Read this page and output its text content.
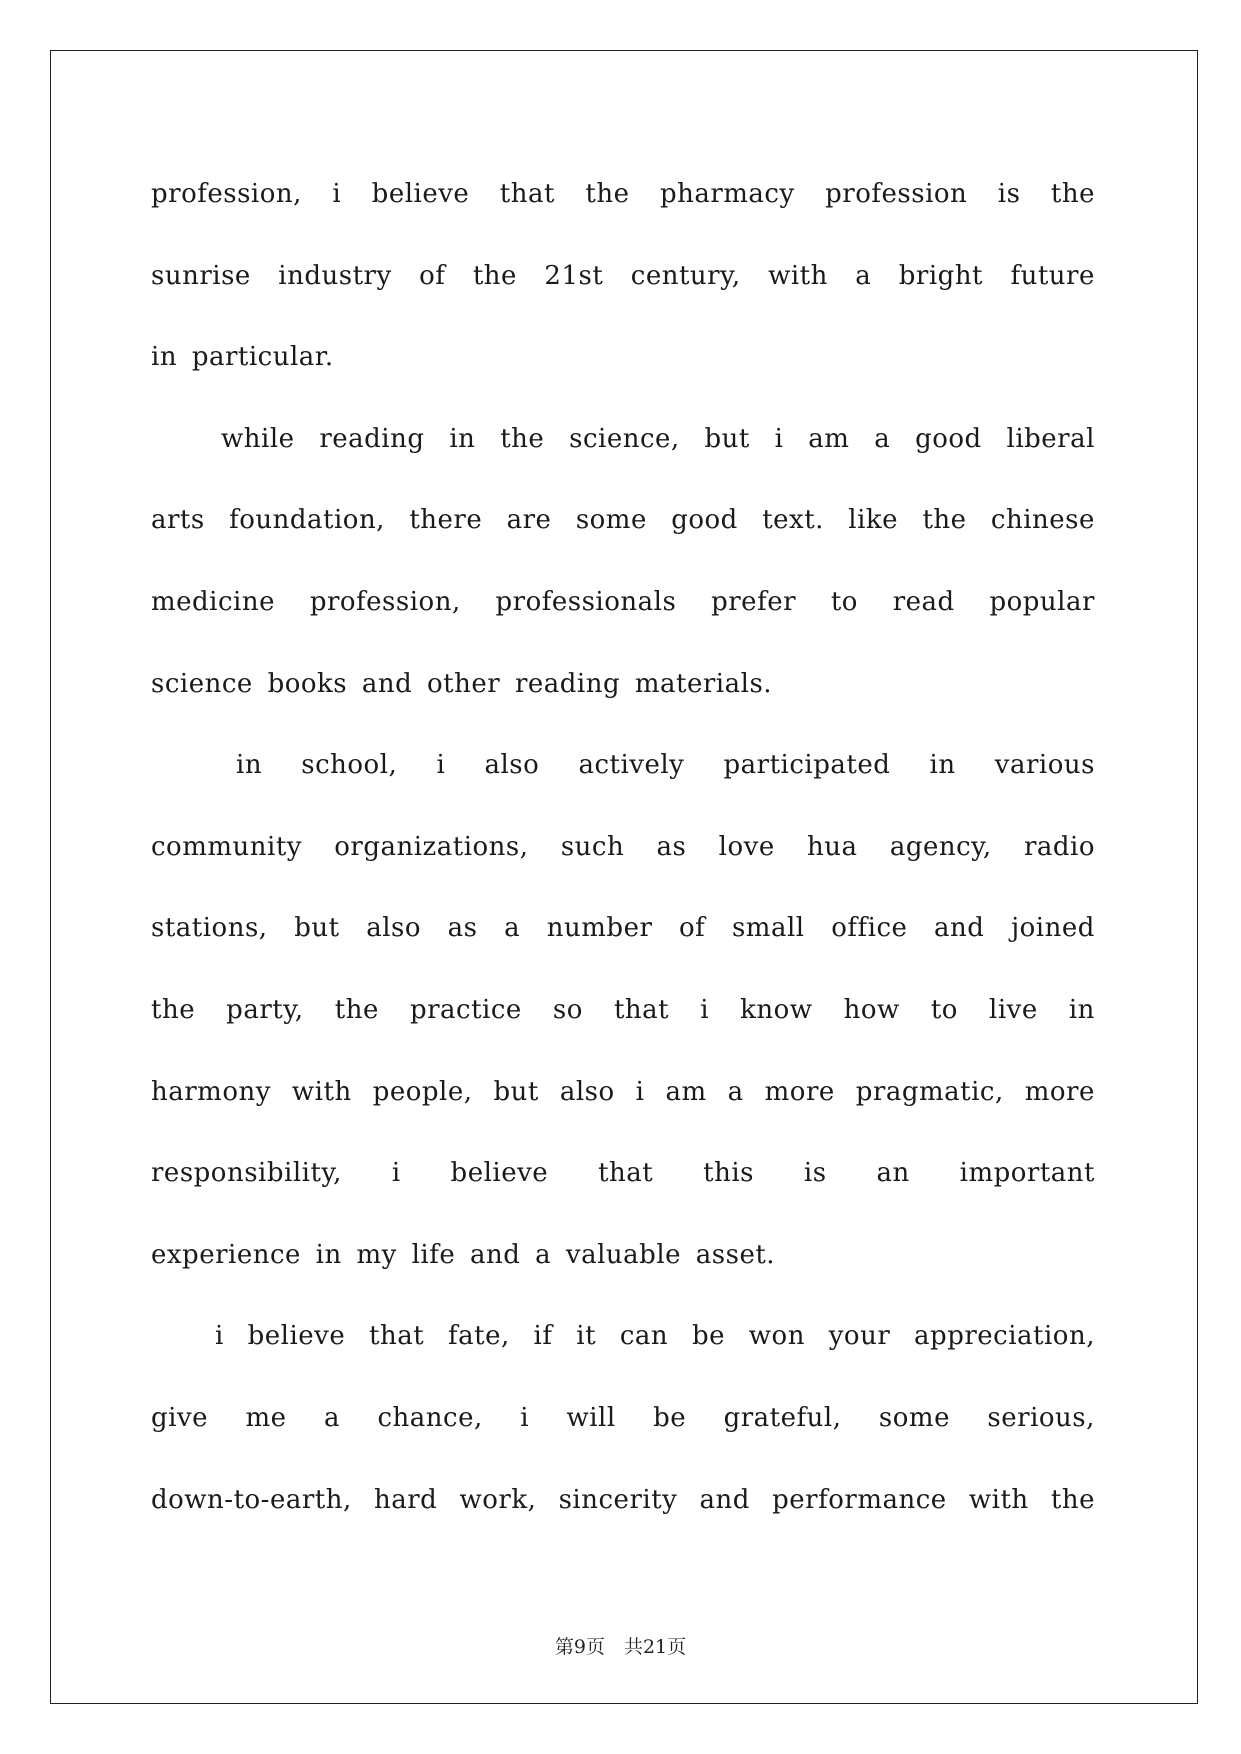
profession, i believe that the pharmacy profession is the
sunrise industry of the 21st century, with a bright future
in particular.
while reading in the science, but i am a good liberal
arts foundation, there are some good text. like the chinese
medicine profession, professionals prefer to read popular
science books and other reading materials.
in school, i also actively participated in various
community organizations, such as love hua agency, radio
stations, but also as a number of small office and joined
the party, the practice so that i know how to live in
harmony with people, but also i am a more pragmatic, more
responsibility, i believe that this is an important
experience in my life and a valuable asset.
i believe that fate, if it can be won your appreciation,
give me a chance, i will be grateful, some serious,
down-to-earth, hard work, sincerity and performance with the
第9页　共21页
